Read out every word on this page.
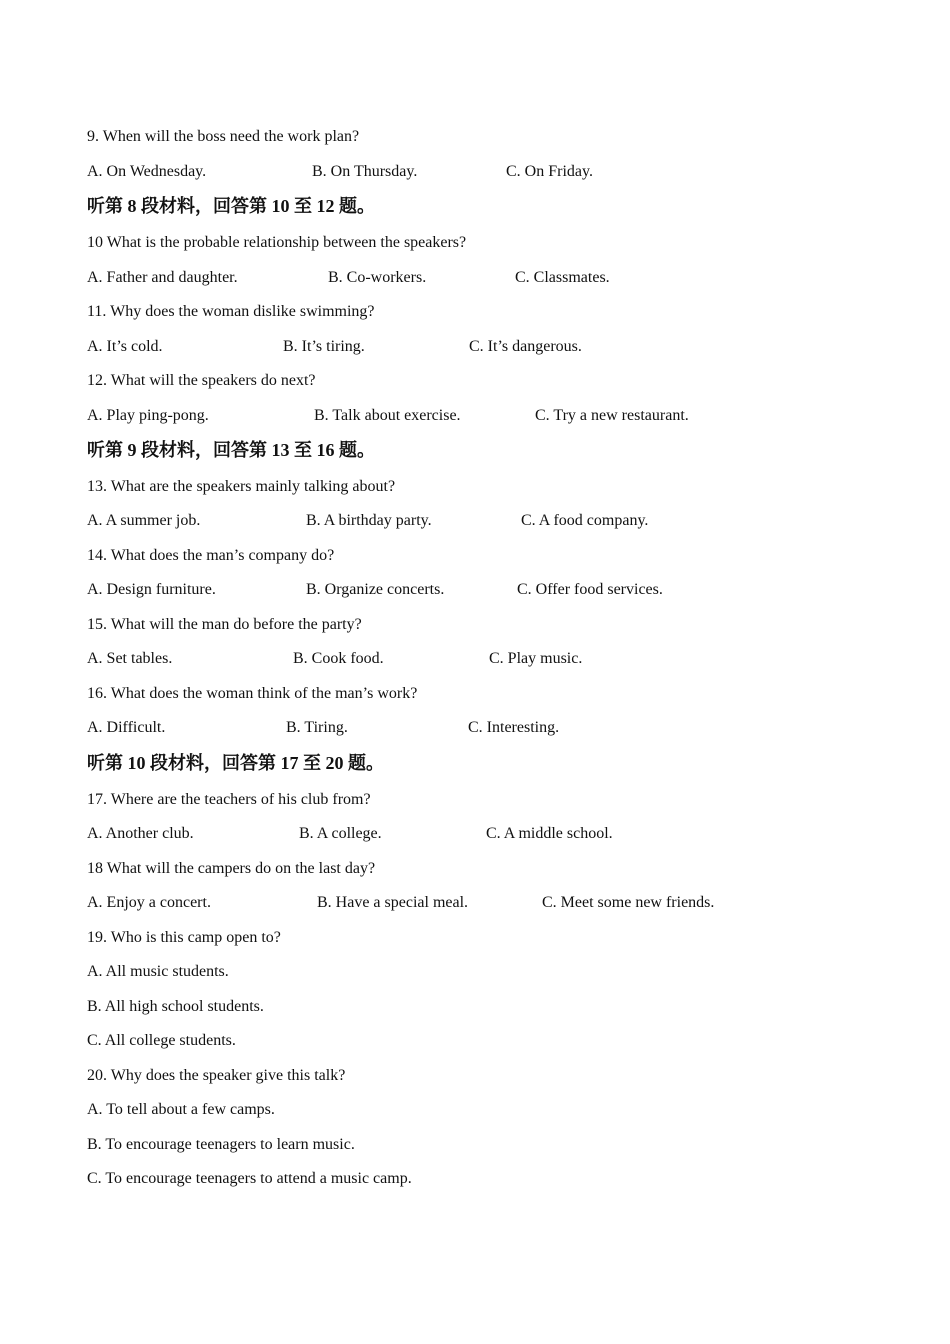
9. When will the boss need the work plan?
A. On Wednesday.	B. On Thursday.	C. On Friday.
听第 8 段材料，回答第 10 至 12 题。
10 What is the probable relationship between the speakers?
A. Father and daughter.	B. Co-workers.	C. Classmates.
11. Why does the woman dislike swimming?
A. It’s cold.	B. It’s tiring.	C. It’s dangerous.
12. What will the speakers do next?
A. Play ping-pong.	B. Talk about exercise.	C. Try a new restaurant.
听第 9 段材料，回答第 13 至 16 题。
13. What are the speakers mainly talking about?
A. A summer job.	B. A birthday party.	C. A food company.
14. What does the man’s company do?
A. Design furniture.	B. Organize concerts.	C. Offer food services.
15. What will the man do before the party?
A. Set tables.	B. Cook food.	C. Play music.
16. What does the woman think of the man’s work?
A. Difficult.	B. Tiring.	C. Interesting.
听第 10 段材料，回答第 17 至 20 题。
17. Where are the teachers of his club from?
A. Another club.	B. A college.	C. A middle school.
18 What will the campers do on the last day?
A. Enjoy a concert.	B. Have a special meal.	C. Meet some new friends.
19. Who is this camp open to?
A. All music students.
B. All high school students.
C. All college students.
20. Why does the speaker give this talk?
A. To tell about a few camps.
B. To encourage teenagers to learn music.
C. To encourage teenagers to attend a music camp.
